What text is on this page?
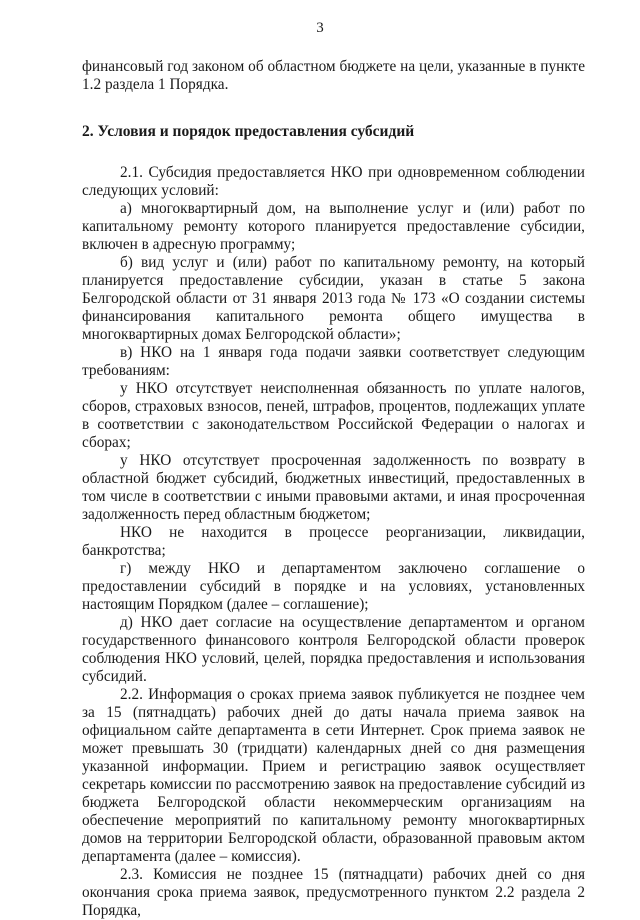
3

финансовый год законом об областном бюджете на цели, указанные в пункте 1.2 раздела 1 Порядка.

2. Условия и порядок предоставления субсидий

2.1. Субсидия предоставляется НКО при одновременном соблюдении следующих условий:

а) многоквартирный дом, на выполнение услуг и (или) работ по капитальному ремонту которого планируется предоставление субсидии, включен в адресную программу;

б) вид услуг и (или) работ по капитальному ремонту, на который планируется предоставление субсидии, указан в статье 5 закона Белгородской области от 31 января 2013 года № 173 «О создании системы финансирования капитального ремонта общего имущества в многоквартирных домах Белгородской области»;

в) НКО на 1 января года подачи заявки соответствует следующим требованиям:

у НКО отсутствует неисполненная обязанность по уплате налогов, сборов, страховых взносов, пеней, штрафов, процентов, подлежащих уплате в соответствии с законодательством Российской Федерации о налогах и сборах;

у НКО отсутствует просроченная задолженность по возврату в областной бюджет субсидий, бюджетных инвестиций, предоставленных в том числе в соответствии с иными правовыми актами, и иная просроченная задолженность перед областным бюджетом;

НКО не находится в процессе реорганизации, ликвидации, банкротства;

г) между НКО и департаментом заключено соглашение о предоставлении субсидий в порядке и на условиях, установленных настоящим Порядком (далее – соглашение);

д) НКО дает согласие на осуществление департаментом и органом государственного финансового контроля Белгородской области проверок соблюдения НКО условий, целей, порядка предоставления и использования субсидий.

2.2. Информация о сроках приема заявок публикуется не позднее чем за 15 (пятнадцать) рабочих дней до даты начала приема заявок на официальном сайте департамента в сети Интернет. Срок приема заявок не может превышать 30 (тридцати) календарных дней со дня размещения указанной информации. Прием и регистрацию заявок осуществляет секретарь комиссии по рассмотрению заявок на предоставление субсидий из бюджета Белгородской области некоммерческим организациям на обеспечение мероприятий по капитальному ремонту многоквартирных домов на территории Белгородской области, образованной правовым актом департамента (далее – комиссия).

2.3. Комиссия не позднее 15 (пятнадцати) рабочих дней со дня окончания срока приема заявок, предусмотренного пунктом 2.2 раздела 2 Порядка,
